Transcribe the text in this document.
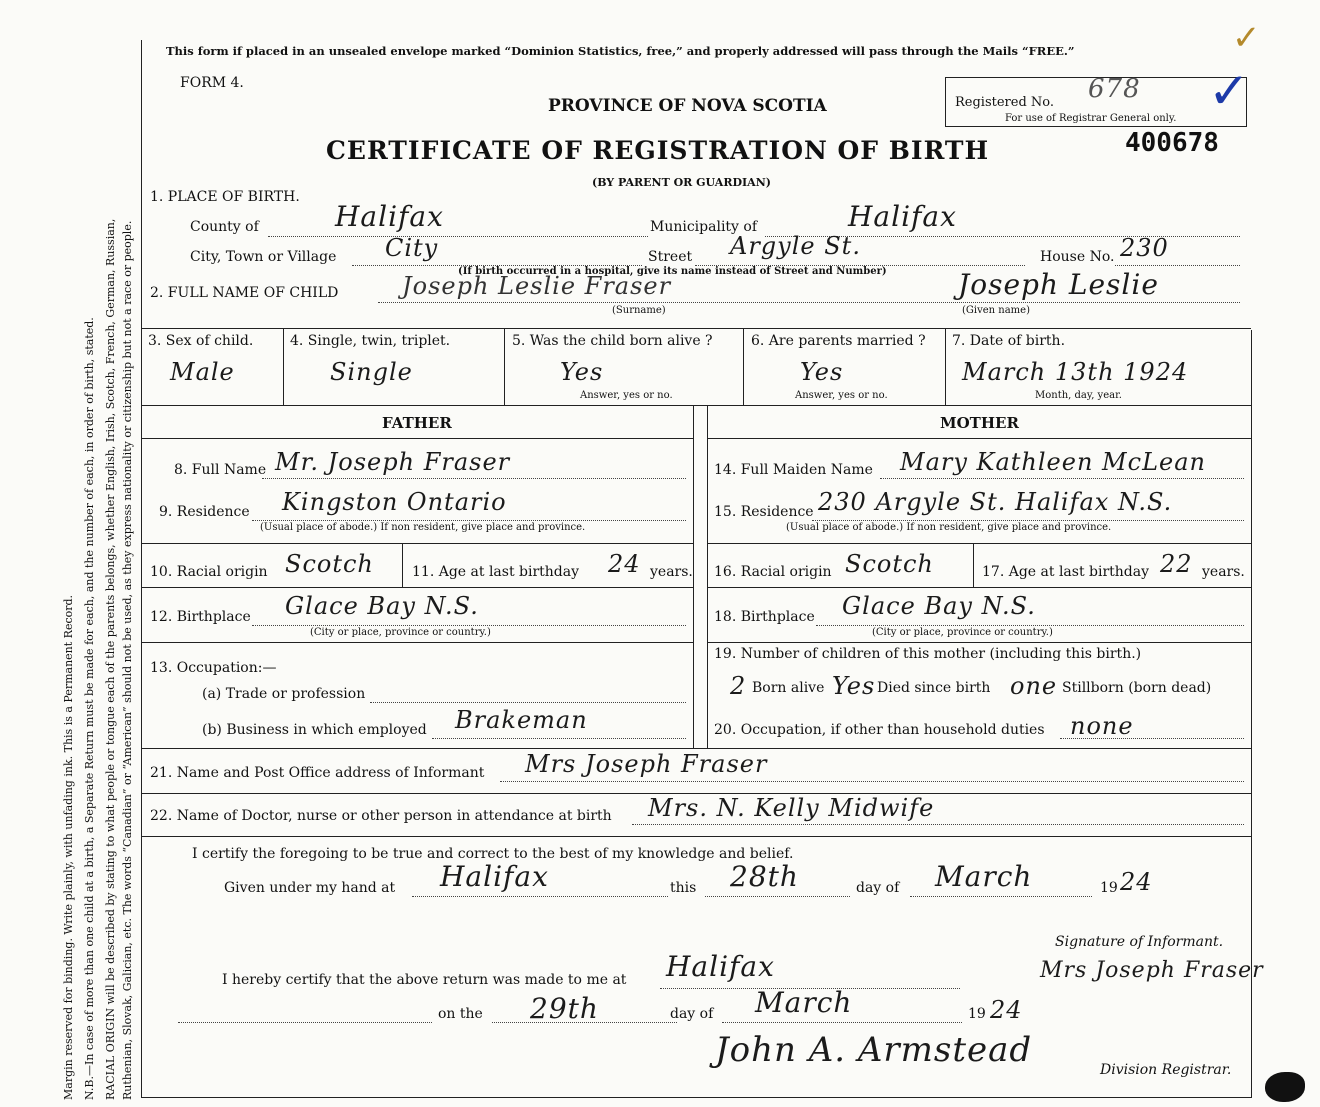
Margin reserved for binding. Write plainly, with unfading ink. This is a Permanent Record. N.B.—In case of more than one child at a birth, a Separate Return must be made for each, and the number of each, in order of birth, stated. RACIAL ORIGIN will be described by stating to what people or tongue each of the parents belongs, whether English, Irish, Scotch, French, German, Russian, Ruthenian, Slovak, Galician, etc. The words “Canadian” or “American” should not be used, as they express nationality or citizenship but not a race or people.
This form if placed in an unsealed envelope marked “Dominion Statistics, free,” and properly addressed will pass through the Mails “FREE.”
FORM 4.
PROVINCE OF NOVA SCOTIA
CERTIFICATE OF REGISTRATION OF BIRTH
(BY PARENT OR GUARDIAN)
Registered No. 678
For use of Registrar General only. ✓
✓
400678
1. PLACE OF BIRTH.
County of	Halifax	Municipality of	Halifax
City, Town or Village City	Street Argyle St.	House No. 230
(If birth occurred in a hospital, give its name instead of Street and Number)
2. FULL NAME OF CHILD	Joseph Leslie Fraser
(Surname)
Joseph Leslie
(Given name)
3. Sex of child.
Male
4. Single, twin, triplet.
Single
5. Was the child born alive ?
Yes
Answer, yes or no.
6. Are parents married ?
Yes
Answer, yes or no.
7. Date of birth.
March 13th 1924
Month, day, year.
FATHER	MOTHER
8. Full Name Mr. Joseph Fraser
9. Residence Kingston Ontario
(Usual place of abode.) If non resident, give place and province.
10. Racial origin Scotch	11. Age at last birthday 24 years.
12. Birthplace Glace Bay N.S.
(City or place, province or country.)
13. Occupation:—
(a) Trade or profession
(b) Business in which employed Brakeman
14. Full Maiden Name Mary Kathleen McLean
15. Residence 230 Argyle St. Halifax N.S.
(Usual place of abode.) If non resident, give place and province.
16. Racial origin Scotch	17. Age at last birthday 22 years.
18. Birthplace Glace Bay N.S.
(City or place, province or country.)
19. Number of children of this mother (including this birth.)
2 Born alive Yes Died since birth one Stillborn (born dead)
20. Occupation, if other than household duties none
21. Name and Post Office address of Informant Mrs Joseph Fraser
22. Name of Doctor, nurse or other person in attendance at birth Mrs. N. Kelly Midwife
I certify the foregoing to be true and correct to the best of my knowledge and belief.
Given under my hand at Halifax	this 28th	day of March	19 24
Signature of Informant.
Mrs Joseph Fraser
I hereby certify that the above return was made to me at Halifax
on the 29th	day of March	19 24
John A. Armstead	Division Registrar.
